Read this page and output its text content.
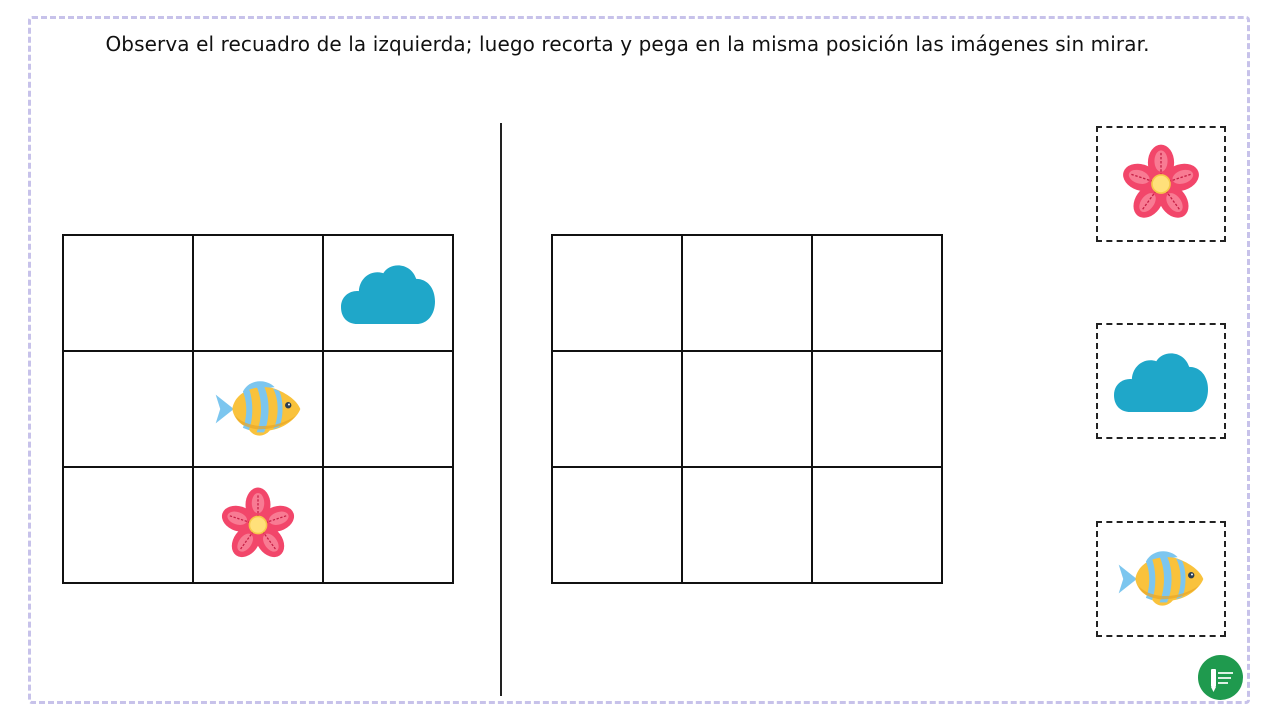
Observa el recuadro de la izquierda; luego recorta y pega en la misma posición las imágenes sin mirar.
